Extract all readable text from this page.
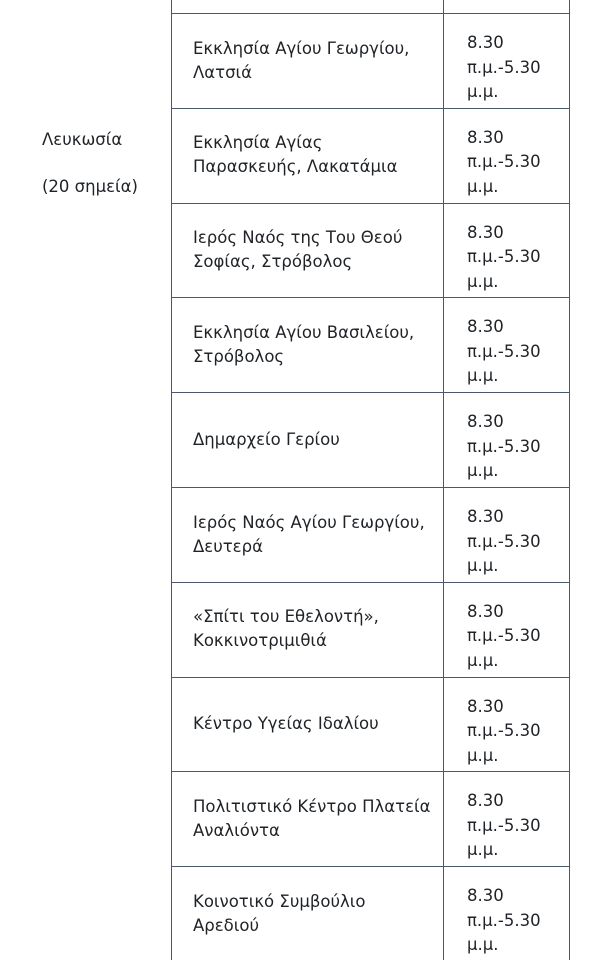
Λευκωσία
(20 σημεία)
Εκκλησία Αγίου Γεωργίου,
Λατσιά
8.30
π.μ.-5.30
μ.μ.
Εκκλησία Αγίας
Παρασκευής, Λακατάμια
8.30
π.μ.-5.30
μ.μ.
Ιερός Ναός της Του Θεού
Σοφίας, Στρόβολος
8.30
π.μ.-5.30
μ.μ.
Εκκλησία Αγίου Βασιλείου,
Στρόβολος
8.30
π.μ.-5.30
μ.μ.
Δημαρχείο Γερίου
8.30
π.μ.-5.30
μ.μ.
Ιερός Ναός Αγίου Γεωργίου,
Δευτερά
8.30
π.μ.-5.30
μ.μ.
«Σπίτι του Εθελοντή»,
Κοκκινοτριμιθιά
8.30
π.μ.-5.30
μ.μ.
Κέντρο Υγείας Ιδαλίου
8.30
π.μ.-5.30
μ.μ.
Πολιτιστικό Κέντρο Πλατεία
Αναλιόντα
8.30
π.μ.-5.30
μ.μ.
Κοινοτικό Συμβούλιο
Αρεδιού
8.30
π.μ.-5.30
μ.μ.
